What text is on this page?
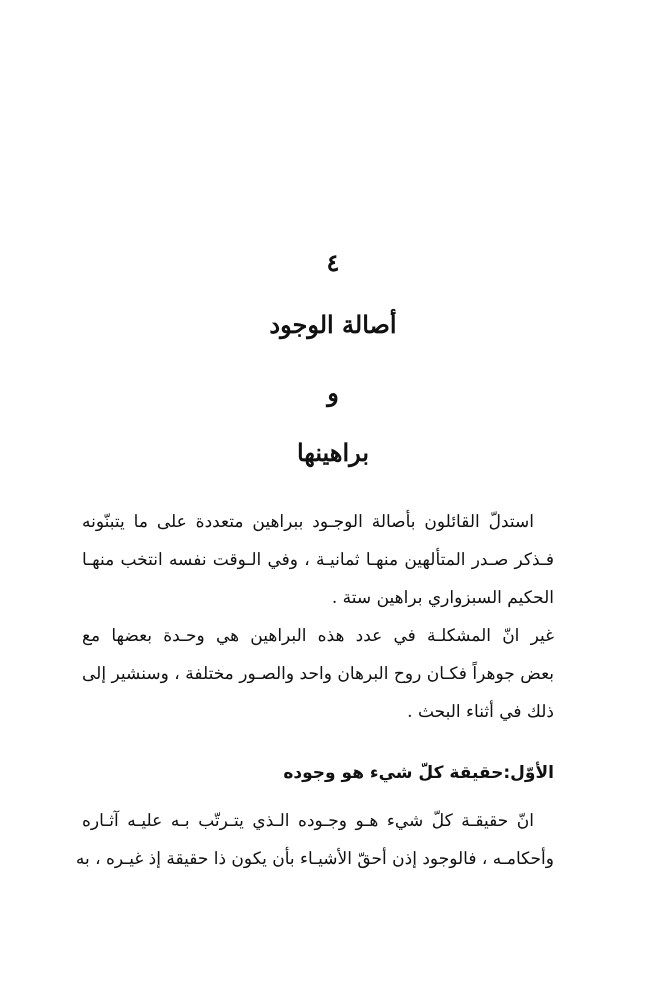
٤
أصالة الوجود
و
براهينها

استدلّ القائلون بأصالة الوجـود ببراهين متعددة على ما يتبنّونه

فـذكر صـدر المتألهين منهـا ثمانيـة ، وفي الـوقت نفسه انتخب منهـا

الحكيم السبزواري براهين ستة .

غير انّ المشكلـة في عدد هذه البراهين هي وحـدة بعضها مع

بعض جوهراً فكـان روح البرهان واحد والصـور مختلفة ، وسنشير إلى

ذلك في أثناء البحث .

الأوّل:حقيقة كلّ شيء هو وجوده

انّ حقيقـة كلّ شيء هـو وجـوده الـذي يتـرتّب بـه عليـه آثـاره

وأحكامـه ، فالوجود إذن أحقّ الأشيـاء بأن يكون ذا حقيقة إذ غيـره ، به
